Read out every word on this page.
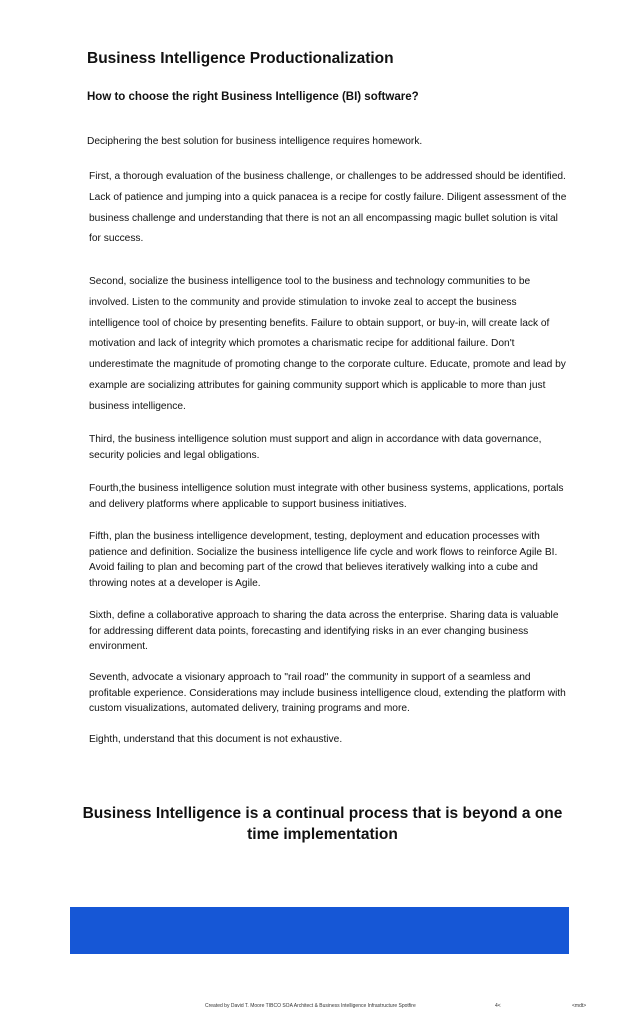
Business Intelligence Productionalization
How to choose the right Business Intelligence (BI) software?

Deciphering the best solution for business intelligence requires homework.

First, a thorough evaluation of the business challenge, or challenges to be addressed should be identified. Lack of patience and jumping into a quick panacea is a recipe for costly failure. Diligent assessment of the business challenge and understanding that there is not an all encompassing magic bullet solution is vital for success.

Second, socialize the business intelligence tool to the business and technology communities to be involved. Listen to the community and provide stimulation to invoke zeal to accept the business intelligence tool of choice by presenting benefits. Failure to obtain support, or buy-in, will create lack of motivation and lack of integrity which promotes a charismatic recipe for additional failure. Don't underestimate the magnitude of promoting change to the corporate culture. Educate, promote and lead by example are socializing attributes for gaining community support which is applicable to more than just business intelligence.

Third, the business intelligence solution must support and align in accordance with data governance, security policies and legal obligations.

Fourth,the business intelligence solution must integrate with other business systems, applications, portals and delivery platforms where applicable to support business initiatives.

Fifth, plan the business intelligence development, testing, deployment and education processes with patience and definition. Socialize the business intelligence life cycle and work flows to reinforce Agile BI. Avoid failing to plan and becoming part of the crowd that believes iteratively walking into a cube and throwing notes at a developer is Agile.

Sixth, define a collaborative approach to sharing the data across the enterprise. Sharing data is valuable for addressing different data points, forecasting and identifying risks in an ever changing business environment.

Seventh, advocate a visionary approach to "rail road" the community in support of a seamless and profitable experience. Considerations may include business intelligence cloud, extending the platform with custom visualizations, automated delivery, training programs and more.

Eighth, understand that this document is not exhaustive.

Business Intelligence is a continual process that is beyond a one time implementation

Created by David T. Moore TIBCO SOA Architect & Business Intelligence Infrastructure Spotfire	4<	<mdt>
